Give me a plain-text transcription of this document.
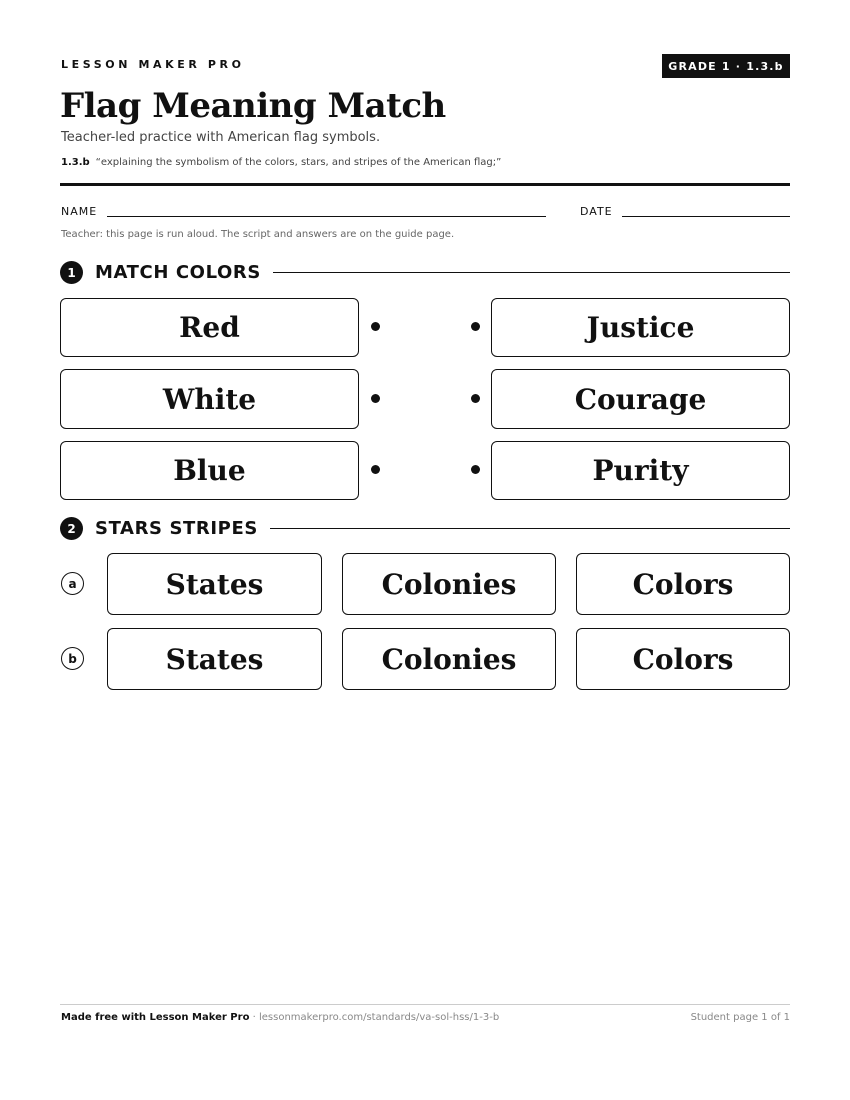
LESSON MAKER PRO	GRADE 1 · 1.3.b
Flag Meaning Match
Teacher-led practice with American flag symbols.
1.3.b “explaining the symbolism of the colors, stars, and stripes of the American flag;”
NAME	DATE
Teacher: this page is run aloud. The script and answers are on the guide page.
1	MATCH COLORS
Red	Justice
White	Courage
Blue	Purity
2	STARS STRIPES
a	States	Colonies	Colors
b	States	Colonies	Colors
Made free with Lesson Maker Pro · lessonmakerpro.com/standards/va-sol-hss/1-3-b	Student page 1 of 1
